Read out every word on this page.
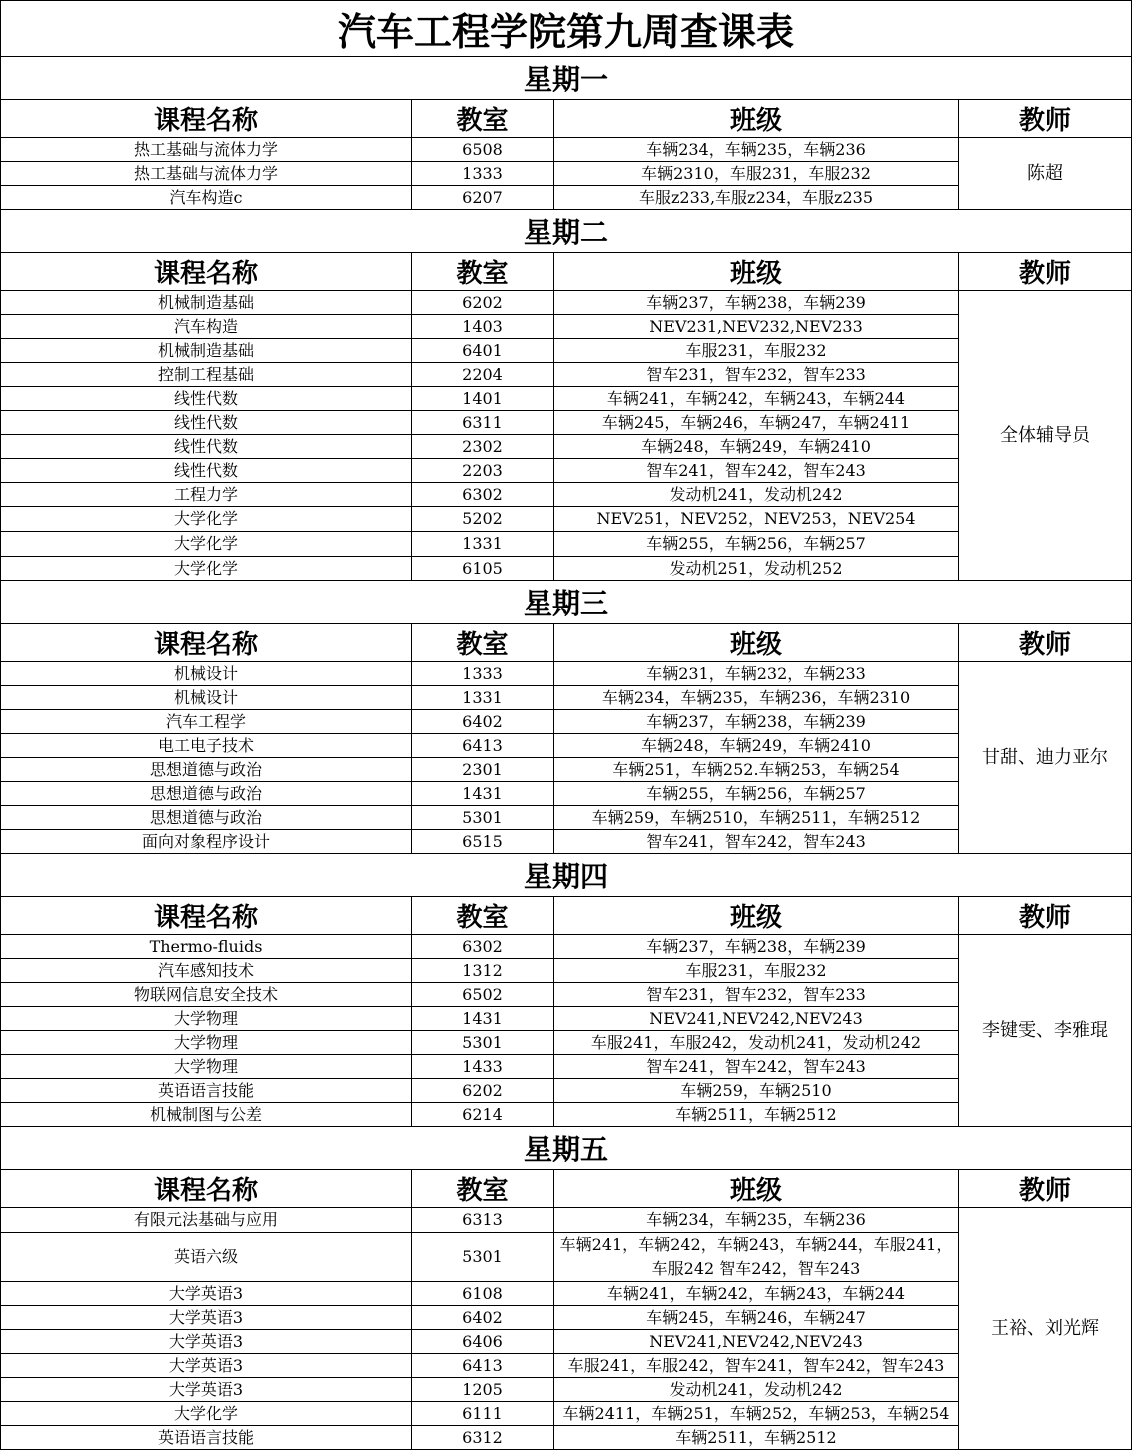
汽车工程学院第九周查课表			
星期一			
课程名称	教室	班级	教师
热工基础与流体力学	6508	车辆234，车辆235，车辆236	陈超
热工基础与流体力学	1333	车辆2310，车服231，车服232	
汽车构造c	6207	车服z233,车服z234，车服z235	
星期二			
课程名称	教室	班级	教师
机械制造基础	6202	车辆237，车辆238，车辆239	全体辅导员
汽车构造	1403	NEV231,NEV232,NEV233	
机械制造基础	6401	车服231，车服232	
控制工程基础	2204	智车231，智车232，智车233	
线性代数	1401	车辆241，车辆242，车辆243，车辆244	
线性代数	6311	车辆245，车辆246，车辆247，车辆2411	
线性代数	2302	车辆248，车辆249，车辆2410	
线性代数	2203	智车241，智车242，智车243	
工程力学	6302	发动机241，发动机242	
大学化学	5202	NEV251，NEV252，NEV253，NEV254	
大学化学	1331	车辆255，车辆256，车辆257	
大学化学	6105	发动机251，发动机252	
星期三			
课程名称	教室	班级	教师
机械设计	1333	车辆231，车辆232，车辆233	甘甜、迪力亚尔
机械设计	1331	车辆234，车辆235，车辆236，车辆2310	
汽车工程学	6402	车辆237，车辆238，车辆239	
电工电子技术	6413	车辆248，车辆249，车辆2410	
思想道德与政治	2301	车辆251，车辆252.车辆253，车辆254	
思想道德与政治	1431	车辆255，车辆256，车辆257	
思想道德与政治	5301	车辆259，车辆2510，车辆2511，车辆2512	
面向对象程序设计	6515	智车241，智车242，智车243	
星期四			
课程名称	教室	班级	教师
Thermo-fluids	6302	车辆237，车辆238，车辆239	李键雯、李雅琨
汽车感知技术	1312	车服231，车服232	
物联网信息安全技术	6502	智车231，智车232，智车233	
大学物理	1431	NEV241,NEV242,NEV243	
大学物理	5301	车服241，车服242，发动机241，发动机242	
大学物理	1433	智车241，智车242，智车243	
英语语言技能	6202	车辆259，车辆2510	
机械制图与公差	6214	车辆2511，车辆2512	
星期五			
课程名称	教室	班级	教师
有限元法基础与应用	6313	车辆234，车辆235，车辆236	王裕、刘光辉
英语六级	5301	车辆241，车辆242，车辆243，车辆244，车服241，车服242 智车242，智车243	
大学英语3	6108	车辆241，车辆242，车辆243，车辆244	
大学英语3	6402	车辆245，车辆246，车辆247	
大学英语3	6406	NEV241,NEV242,NEV243	
大学英语3	6413	车服241，车服242，智车241，智车242，智车243	
大学英语3	1205	发动机241，发动机242	
大学化学	6111	车辆2411，车辆251，车辆252，车辆253，车辆254	
英语语言技能	6312	车辆2511，车辆2512	
